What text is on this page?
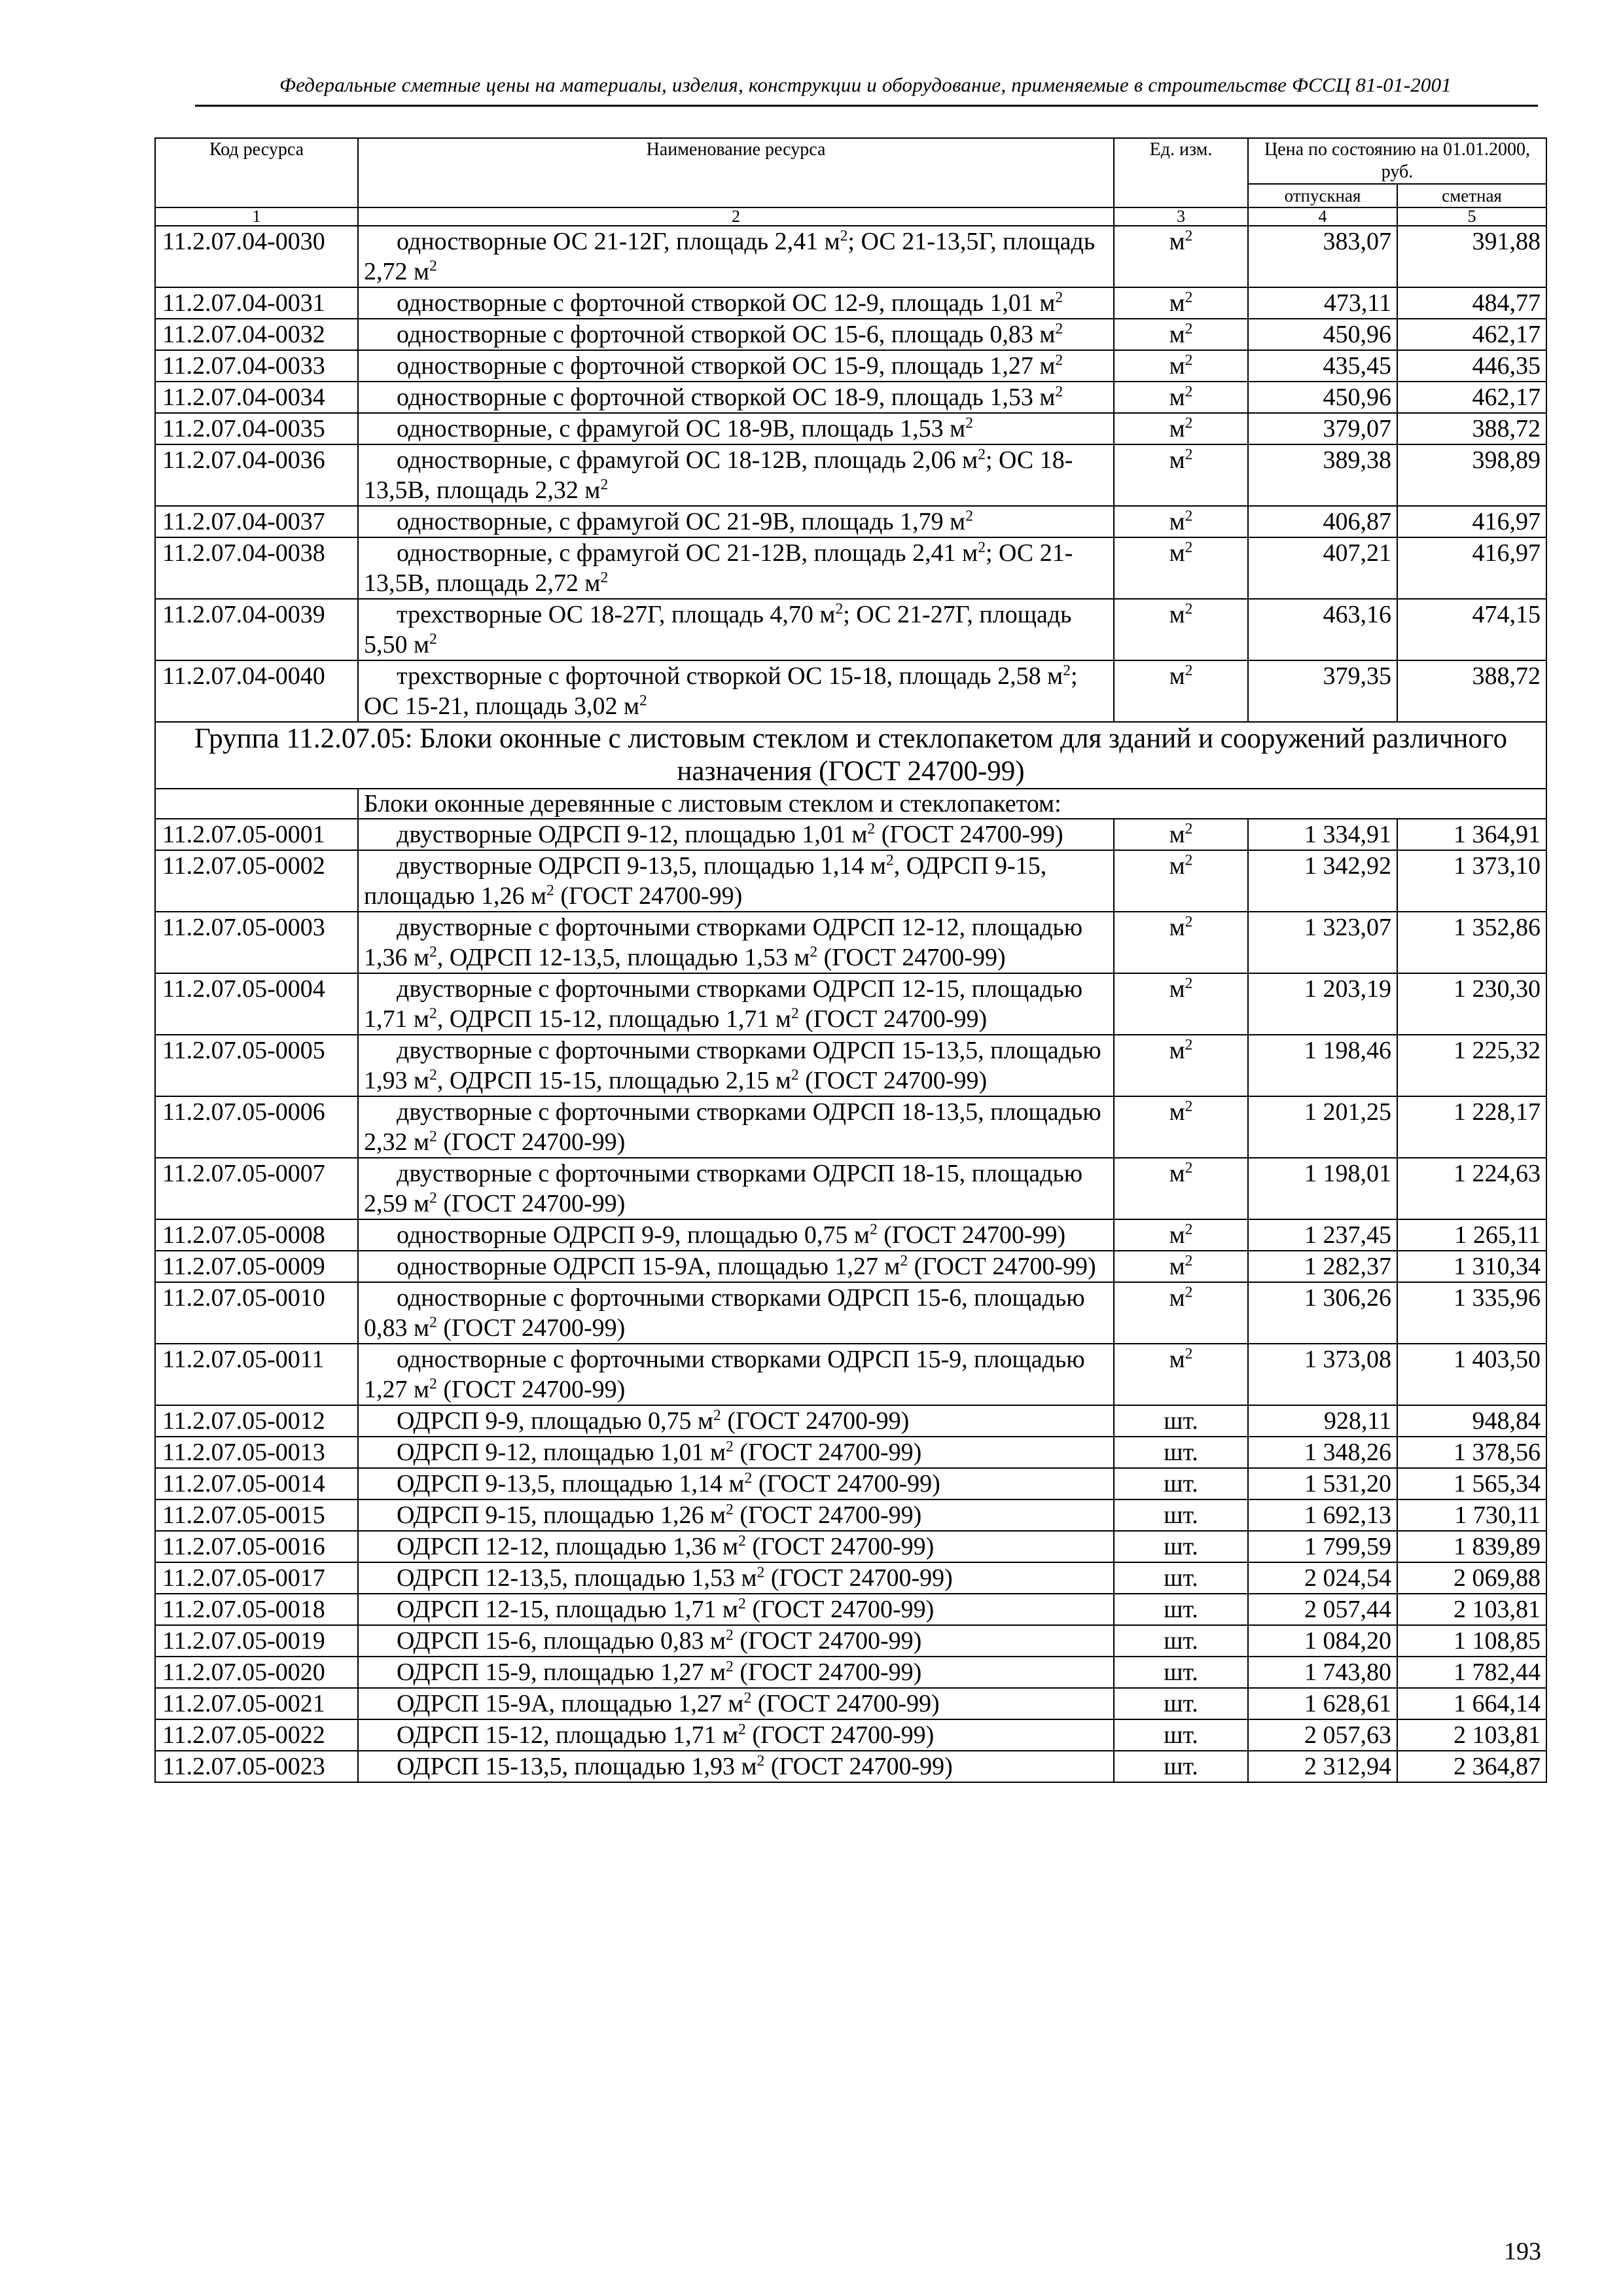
Федеральные сметные цены на материалы, изделия, конструкции и оборудование, применяемые в строительстве ФССЦ 81-01-2001
Код ресурса	Наименование ресурса	Ед. изм.	Цена по состоянию на 01.01.2000, руб.	
			отпускная	сметная
1	2	3	4	5
11.2.07.04-0030	одностворные ОС 21-12Г, площадь 2,41 $м^2$; ОС 21-13,5Г, площадь 2,72 $м^2$	$м^2$	383,07	391,88
11.2.07.04-0031	одностворные с форточной створкой ОС 12-9, площадь 1,01 $м^2$	$м^2$	473,11	484,77
11.2.07.04-0032	одностворные с форточной створкой ОС 15-6, площадь 0,83 $м^2$	$м^2$	450,96	462,17
11.2.07.04-0033	одностворные с форточной створкой ОС 15-9, площадь 1,27 $м^2$	$м^2$	435,45	446,35
11.2.07.04-0034	одностворные с форточной створкой ОС 18-9, площадь 1,53 $м^2$	$м^2$	450,96	462,17
11.2.07.04-0035	одностворные, с фрамугой ОС 18-9В, площадь 1,53 $м^2$	$м^2$	379,07	388,72
11.2.07.04-0036	одностворные, с фрамугой ОС 18-12В, площадь 2,06 $м^2$; ОС 18-13,5В, площадь 2,32 $м^2$	$м^2$	389,38	398,89
11.2.07.04-0037	одностворные, с фрамугой ОС 21-9В, площадь 1,79 $м^2$	$м^2$	406,87	416,97
11.2.07.04-0038	одностворные, с фрамугой ОС 21-12В, площадь 2,41 $м^2$; ОС 21-13,5В, площадь 2,72 $м^2$	$м^2$	407,21	416,97
11.2.07.04-0039	трехстворные ОС 18-27Г, площадь 4,70 $м^2$; ОС 21-27Г, площадь 5,50 $м^2$	$м^2$	463,16	474,15
11.2.07.04-0040	трехстворные с форточной створкой ОС 15-18, площадь 2,58 $м^2$; ОС 15-21, площадь 3,02 $м^2$	$м^2$	379,35	388,72
Группа 11.2.07.05: Блоки оконные с листовым стеклом и стеклопакетом для зданий и сооружений различного назначения (ГОСТ 24700-99)				
	Блоки оконные деревянные с листовым стеклом и стеклопакетом:			
11.2.07.05-0001	двустворные ОДРСП 9-12, площадью 1,01 $м^2$ (ГОСТ 24700-99)	$м^2$	1 334,91	1 364,91
11.2.07.05-0002	двустворные ОДРСП 9-13,5, площадью 1,14 $м^2$, ОДРСП 9-15, площадью 1,26 $м^2$ (ГОСТ 24700-99)	$м^2$	1 342,92	1 373,10
11.2.07.05-0003	двустворные с форточными створками ОДРСП 12-12, площадью 1,36 $м^2$, ОДРСП 12-13,5, площадью 1,53 $м^2$ (ГОСТ 24700-99)	$м^2$	1 323,07	1 352,86
11.2.07.05-0004	двустворные с форточными створками ОДРСП 12-15, площадью 1,71 $м^2$, ОДРСП 15-12, площадью 1,71 $м^2$ (ГОСТ 24700-99)	$м^2$	1 203,19	1 230,30
11.2.07.05-0005	двустворные с форточными створками ОДРСП 15-13,5, площадью 1,93 $м^2$, ОДРСП 15-15, площадью 2,15 $м^2$ (ГОСТ 24700-99)	$м^2$	1 198,46	1 225,32
11.2.07.05-0006	двустворные с форточными створками ОДРСП 18-13,5, площадью 2,32 $м^2$ (ГОСТ 24700-99)	$м^2$	1 201,25	1 228,17
11.2.07.05-0007	двустворные с форточными створками ОДРСП 18-15, площадью 2,59 $м^2$ (ГОСТ 24700-99)	$м^2$	1 198,01	1 224,63
11.2.07.05-0008	одностворные ОДРСП 9-9, площадью 0,75 $м^2$ (ГОСТ 24700-99)	$м^2$	1 237,45	1 265,11
11.2.07.05-0009	одностворные ОДРСП 15-9А, площадью 1,27 $м^2$ (ГОСТ 24700-99)	$м^2$	1 282,37	1 310,34
11.2.07.05-0010	одностворные с форточными створками ОДРСП 15-6, площадью 0,83 $м^2$ (ГОСТ 24700-99)	$м^2$	1 306,26	1 335,96
11.2.07.05-0011	одностворные с форточными створками ОДРСП 15-9, площадью 1,27 $м^2$ (ГОСТ 24700-99)	$м^2$	1 373,08	1 403,50
11.2.07.05-0012	ОДРСП 9-9, площадью 0,75 $м^2$ (ГОСТ 24700-99)	шт.	928,11	948,84
11.2.07.05-0013	ОДРСП 9-12, площадью 1,01 $м^2$ (ГОСТ 24700-99)	шт.	1 348,26	1 378,56
11.2.07.05-0014	ОДРСП 9-13,5, площадью 1,14 $м^2$ (ГОСТ 24700-99)	шт.	1 531,20	1 565,34
11.2.07.05-0015	ОДРСП 9-15, площадью 1,26 $м^2$ (ГОСТ 24700-99)	шт.	1 692,13	1 730,11
11.2.07.05-0016	ОДРСП 12-12, площадью 1,36 $м^2$ (ГОСТ 24700-99)	шт.	1 799,59	1 839,89
11.2.07.05-0017	ОДРСП 12-13,5, площадью 1,53 $м^2$ (ГОСТ 24700-99)	шт.	2 024,54	2 069,88
11.2.07.05-0018	ОДРСП 12-15, площадью 1,71 $м^2$ (ГОСТ 24700-99)	шт.	2 057,44	2 103,81
11.2.07.05-0019	ОДРСП 15-6, площадью 0,83 $м^2$ (ГОСТ 24700-99)	шт.	1 084,20	1 108,85
11.2.07.05-0020	ОДРСП 15-9, площадью 1,27 $м^2$ (ГОСТ 24700-99)	шт.	1 743,80	1 782,44
11.2.07.05-0021	ОДРСП 15-9А, площадью 1,27 $м^2$ (ГОСТ 24700-99)	шт.	1 628,61	1 664,14
11.2.07.05-0022	ОДРСП 15-12, площадью 1,71 $м^2$ (ГОСТ 24700-99)	шт.	2 057,63	2 103,81
11.2.07.05-0023	ОДРСП 15-13,5, площадью 1,93 $м^2$ (ГОСТ 24700-99)	шт.	2 312,94	2 364,87
193
